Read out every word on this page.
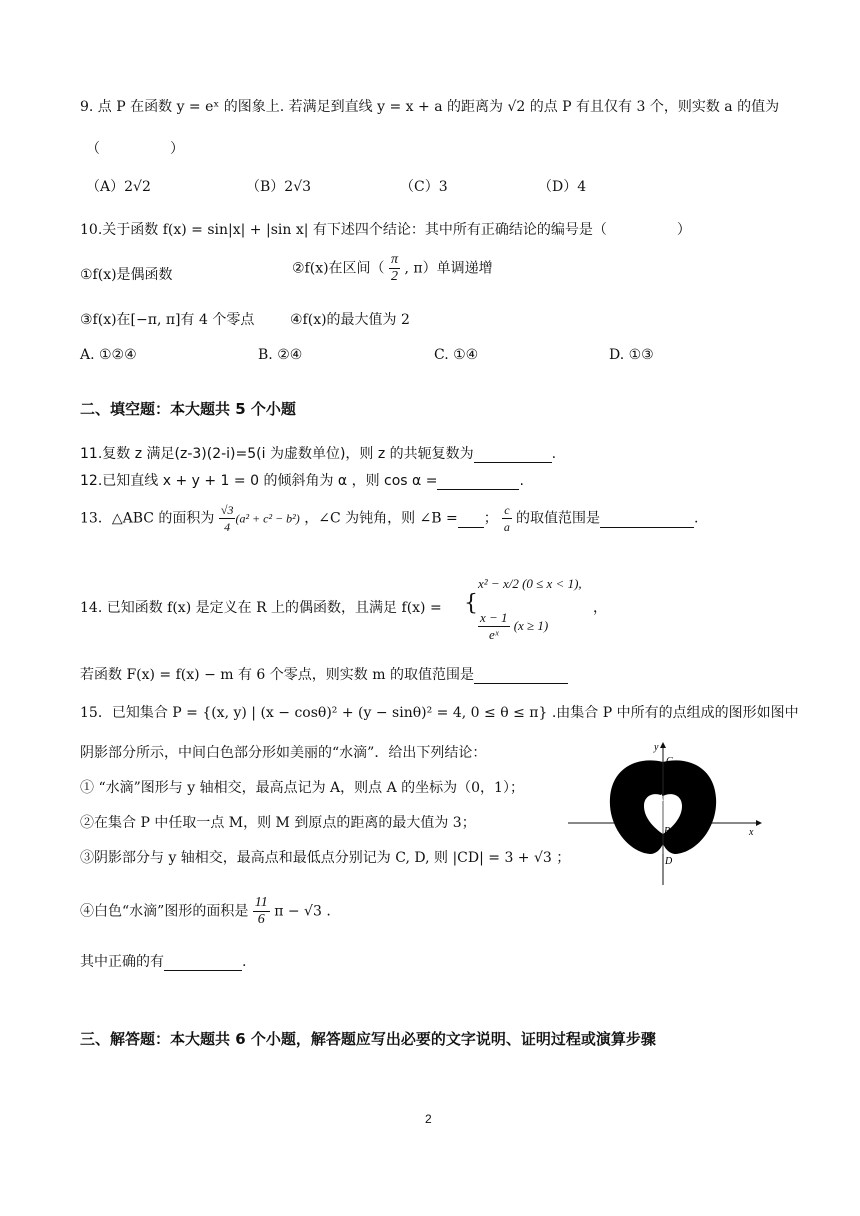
9. 点 P 在函数 y = eˣ 的图象上. 若满足到直线 y = x + a 的距离为 √2 的点 P 有且仅有 3 个，则实数 a 的值为
（　　　　　）
（A）2√2	（B）2√3	（C）3	（D）4
10.关于函数 f(x) = sin|x| + |sin x| 有下述四个结论：其中所有正确结论的编号是（　　　　　）
①f(x)是偶函数	②f(x)在区间（ $\frac{\pi}{2}$ , π）单调递增
③f(x)在[−π, π]有 4 个零点	④f(x)的最大值为 2
A. ①②④	B. ②④	C. ①④	D. ①③
二、填空题：本大题共 5 个小题
11.复数 z 满足(z-3)(2-i)=5(i 为虚数单位)，则 z 的共轭复数为	.
12.已知直线 x + y + 1 = 0 的倾斜角为 α ，则 cos α =	.
13．△ABC 的面积为 $\frac{√3}{4} (a^2 + c^2 - b^2)$ ，∠C 为钝角，则 ∠B = ； $\frac{c}{a}$ 的取值范围是	.
14. 已知函数 f(x) 是定义在 R 上的偶函数，且满足 f(x) = {
x² − x/2 (0 ≤ x < 1),
$\frac{x - 1}{\text{eˣ}} (x \ge 1)$
，
若函数 F(x) = f(x) − m 有 6 个零点，则实数 m 的取值范围是
15．已知集合 P = {(x, y) | (x − cosθ)² + (y − sinθ)² = 4, 0 ≤ θ ≤ π} .由集合 P 中所有的点组成的图形如图中
阴影部分所示，中间白色部分形如美丽的“水滴”．给出下列结论：
① “水滴”图形与 y 轴相交，最高点记为 A，则点 A 的坐标为（0，1）；
②在集合 P 中任取一点 M，则 M 到原点的距离的最大值为 3；
③阴影部分与 y 轴相交，最高点和最低点分别记为 C, D, 则 |CD| = 3 + √3 ；
④白色“水滴”图形的面积是 $\frac{11}{6}$ π − √3 .
其中正确的有	.
y
x
C
A
O
B
D
三、解答题：本大题共 6 个小题，解答题应写出必要的文字说明、证明过程或演算步骤
2
